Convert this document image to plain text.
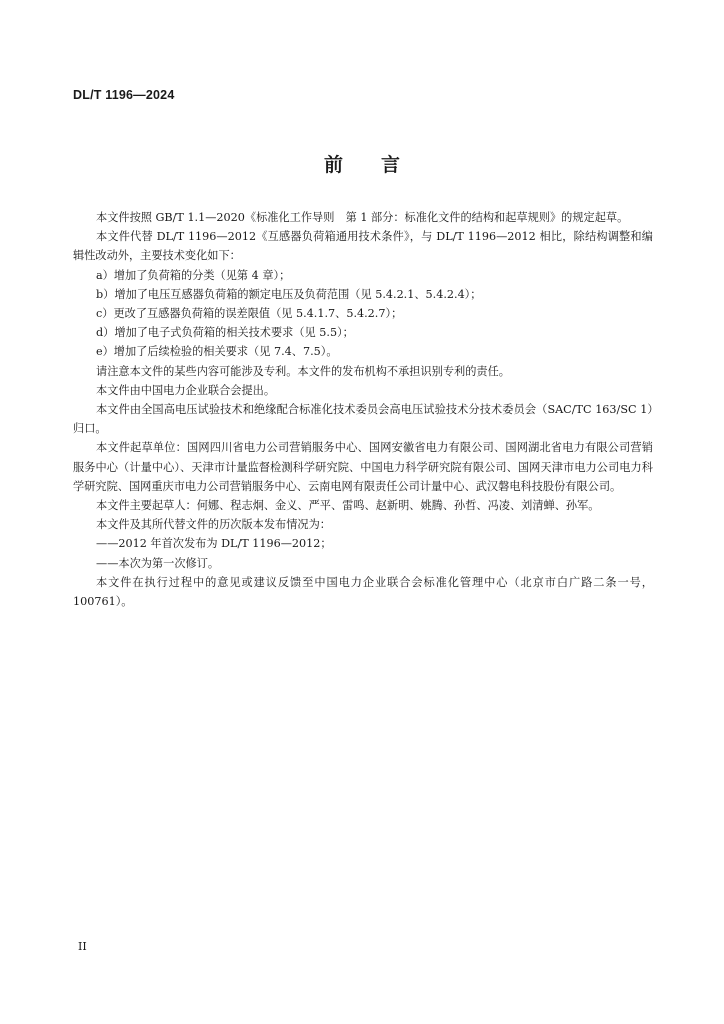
DL/T 1196—2024
前 言

本文件按照 GB/T 1.1—2020《标准化工作导则　第 1 部分：标准化文件的结构和起草规则》的规定起草。

本文件代替 DL/T 1196—2012《互感器负荷箱通用技术条件》，与 DL/T 1196—2012 相比，除结构调整和编辑性改动外，主要技术变化如下：

a）增加了负荷箱的分类（见第 4 章）；

b）增加了电压互感器负荷箱的额定电压及负荷范围（见 5.4.2.1、5.4.2.4）；

c）更改了互感器负荷箱的误差限值（见 5.4.1.7、5.4.2.7）；

d）增加了电子式负荷箱的相关技术要求（见 5.5）；

e）增加了后续检验的相关要求（见 7.4、7.5）。

请注意本文件的某些内容可能涉及专利。本文件的发布机构不承担识别专利的责任。

本文件由中国电力企业联合会提出。

本文件由全国高电压试验技术和绝缘配合标准化技术委员会高电压试验技术分技术委员会（SAC/TC 163/SC 1）归口。

本文件起草单位：国网四川省电力公司营销服务中心、国网安徽省电力有限公司、国网湖北省电力有限公司营销服务中心（计量中心）、天津市计量监督检测科学研究院、中国电力科学研究院有限公司、国网天津市电力公司电力科学研究院、国网重庆市电力公司营销服务中心、云南电网有限责任公司计量中心、武汉磐电科技股份有限公司。

本文件主要起草人：何娜、程志炯、金义、严平、雷鸣、赵新明、姚腾、孙哲、冯凌、刘清蝉、孙军。

本文件及其所代替文件的历次版本发布情况为：

——2012 年首次发布为 DL/T 1196—2012；

——本次为第一次修订。

本文件在执行过程中的意见或建议反馈至中国电力企业联合会标准化管理中心（北京市白广路二条一号，100761）。

II
